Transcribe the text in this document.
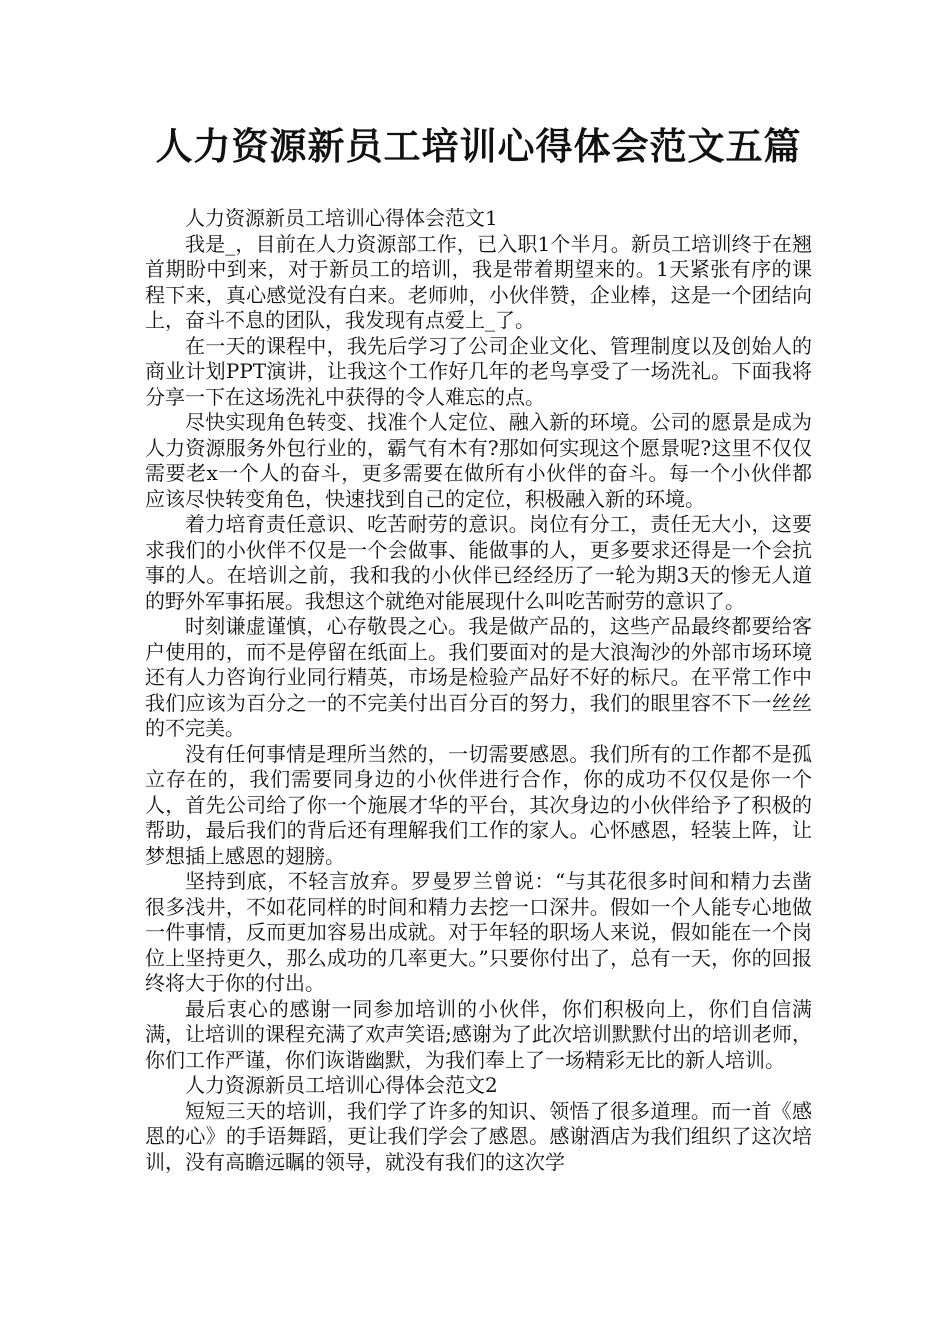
人力资源新员工培训心得体会范文五篇

人力资源新员工培训心得体会范文1

我是_，目前在人力资源部工作，已入职1个半月。新员工培训终于在翘首期盼中到来，对于新员工的培训，我是带着期望来的。1天紧张有序的课程下来，真心感觉没有白来。老师帅，小伙伴赞，企业棒，这是一个团结向上，奋斗不息的团队，我发现有点爱上_了。

在一天的课程中，我先后学习了公司企业文化、管理制度以及创始人的商业计划PPT演讲，让我这个工作好几年的老鸟享受了一场洗礼。下面我将分享一下在这场洗礼中获得的令人难忘的点。

尽快实现角色转变、找准个人定位、融入新的环境。公司的愿景是成为人力资源服务外包行业的，霸气有木有?那如何实现这个愿景呢?这里不仅仅需要老x一个人的奋斗，更多需要在做所有小伙伴的奋斗。每一个小伙伴都应该尽快转变角色，快速找到自己的定位，积极融入新的环境。

着力培育责任意识、吃苦耐劳的意识。岗位有分工，责任无大小，这要求我们的小伙伴不仅是一个会做事、能做事的人，更多要求还得是一个会抗事的人。在培训之前，我和我的小伙伴已经经历了一轮为期3天的惨无人道的野外军事拓展。我想这个就绝对能展现什么叫吃苦耐劳的意识了。

时刻谦虚谨慎，心存敬畏之心。我是做产品的，这些产品最终都要给客户使用的，而不是停留在纸面上。我们要面对的是大浪淘沙的外部市场环境还有人力咨询行业同行精英，市场是检验产品好不好的标尺。在平常工作中我们应该为百分之一的不完美付出百分百的努力，我们的眼里容不下一丝丝的不完美。

没有任何事情是理所当然的，一切需要感恩。我们所有的工作都不是孤立存在的，我们需要同身边的小伙伴进行合作，你的成功不仅仅是你一个人，首先公司给了你一个施展才华的平台，其次身边的小伙伴给予了积极的帮助，最后我们的背后还有理解我们工作的家人。心怀感恩，轻装上阵，让梦想插上感恩的翅膀。

坚持到底，不轻言放弃。罗曼罗兰曾说：“与其花很多时间和精力去凿很多浅井，不如花同样的时间和精力去挖一口深井。假如一个人能专心地做一件事情，反而更加容易出成就。对于年轻的职场人来说，假如能在一个岗位上坚持更久，那么成功的几率更大。”只要你付出了，总有一天，你的回报终将大于你的付出。

最后衷心的感谢一同参加培训的小伙伴，你们积极向上，你们自信满满，让培训的课程充满了欢声笑语;感谢为了此次培训默默付出的培训老师，你们工作严谨，你们诙谐幽默，为我们奉上了一场精彩无比的新人培训。

人力资源新员工培训心得体会范文2

短短三天的培训，我们学了许多的知识、领悟了很多道理。而一首《感恩的心》的手语舞蹈，更让我们学会了感恩。感谢酒店为我们组织了这次培训，没有高瞻远瞩的领导，就没有我们的这次学
